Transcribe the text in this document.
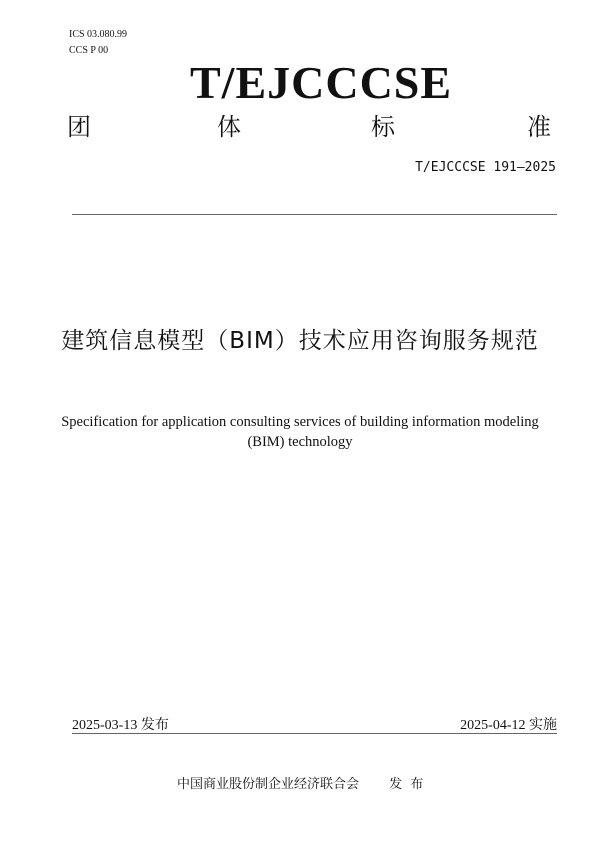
ICS 03.080.99
CCS P 00
T/EJCCCSE
团	体	标	准
T/EJCCCSE 191—2025
建筑信息模型（BIM）技术应用咨询服务规范
Specification for application consulting services of building information modeling (BIM) technology
2025-03-13 发布	2025-04-12 实施
中国商业股份制企业经济联合会 发 布
